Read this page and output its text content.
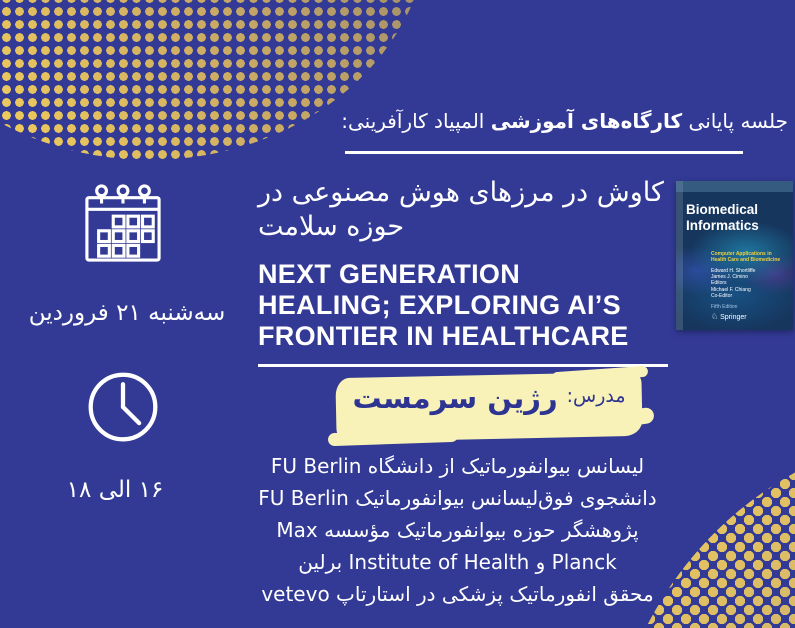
جلسه پایانی کارگاه‌های آموزشی المپیاد کارآفرینی:
سه‌شنبه ۲۱ فروردین
۱۶ الی ۱۸
کاوش در مرزهای هوش مصنوعی در
حوزه سلامت
NEXT GENERATION
HEALING; EXPLORING AI’S
FRONTIER IN HEALTHCARE
Biomedical Informatics
Computer Applications in Health Care and Biomedicine
Edward H. Shortliffe
James J. Cimino
Editors
Michael F. Chiang
Co-Editor
Fifth Edition
♘ Springer
مدرس:
رژین سرمست
لیسانس بیوانفورماتیک از دانشگاه FU Berlin
دانشجوی فوق‌لیسانس بیوانفورماتیک FU Berlin
پژوهشگر حوزه بیوانفورماتیک مؤسسه Max
Planck و Institute of Health برلین
محقق انفورماتیک پزشکی در استارتاپ vetevo
